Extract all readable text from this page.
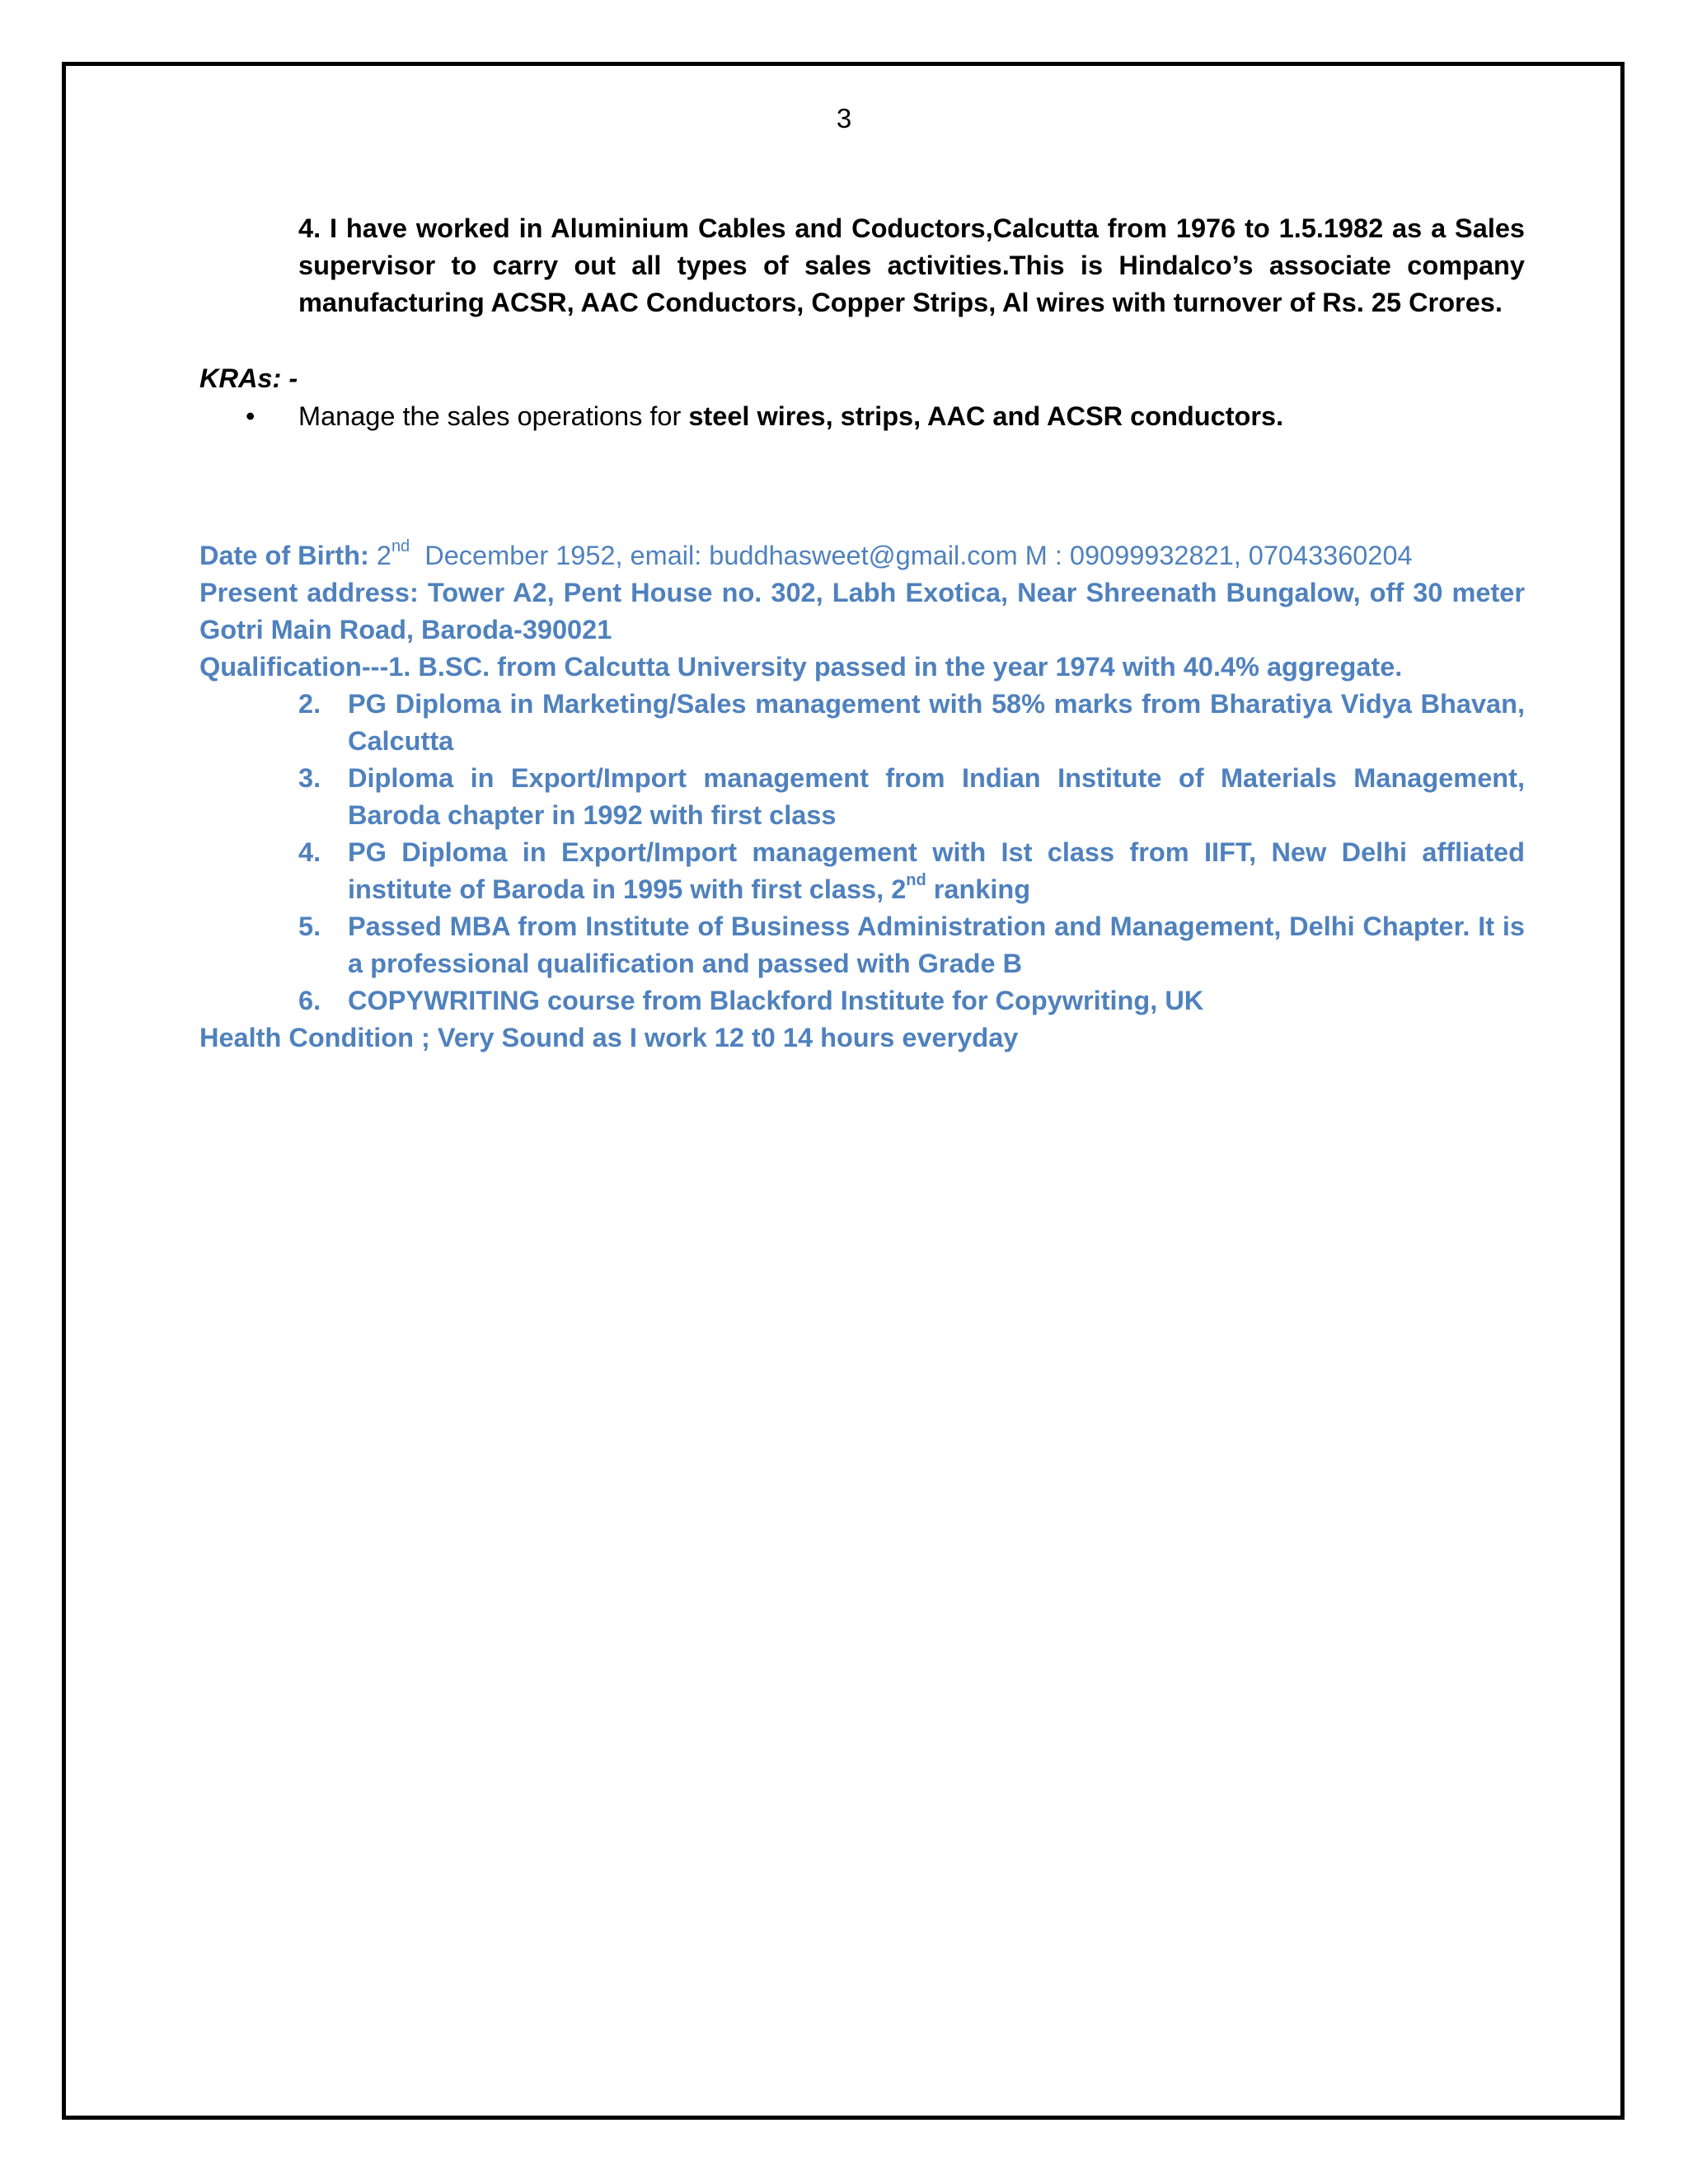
3
4. I have worked in Aluminium Cables and Coductors,Calcutta from 1976 to 1.5.1982 as a Sales supervisor to carry out all types of sales activities.This is Hindalco’s associate company manufacturing ACSR, AAC Conductors, Copper Strips, Al wires with turnover of Rs. 25 Crores.
KRAs: -
• Manage the sales operations for steel wires, strips, AAC and ACSR conductors.
Date of Birth: 2nd December 1952, email: buddhasweet@gmail.com M : 09099932821, 07043360204
Present address: Tower A2, Pent House no. 302, Labh Exotica, Near Shreenath Bungalow, off 30 meter Gotri Main Road, Baroda-390021
Qualification---1. B.SC. from Calcutta University passed in the year 1974 with 40.4% aggregate.
2. PG Diploma in Marketing/Sales management with 58% marks from Bharatiya Vidya Bhavan, Calcutta
3. Diploma in Export/Import management from Indian Institute of Materials Management, Baroda chapter in 1992 with first class
4. PG Diploma in Export/Import management with Ist class from IIFT, New Delhi affliated institute of Baroda in 1995 with first class, 2nd ranking
5. Passed MBA from Institute of Business Administration and Management, Delhi Chapter. It is a professional qualification and passed with Grade B
6. COPYWRITING course from Blackford Institute for Copywriting, UK
Health Condition ; Very Sound as I work 12 t0 14 hours everyday
